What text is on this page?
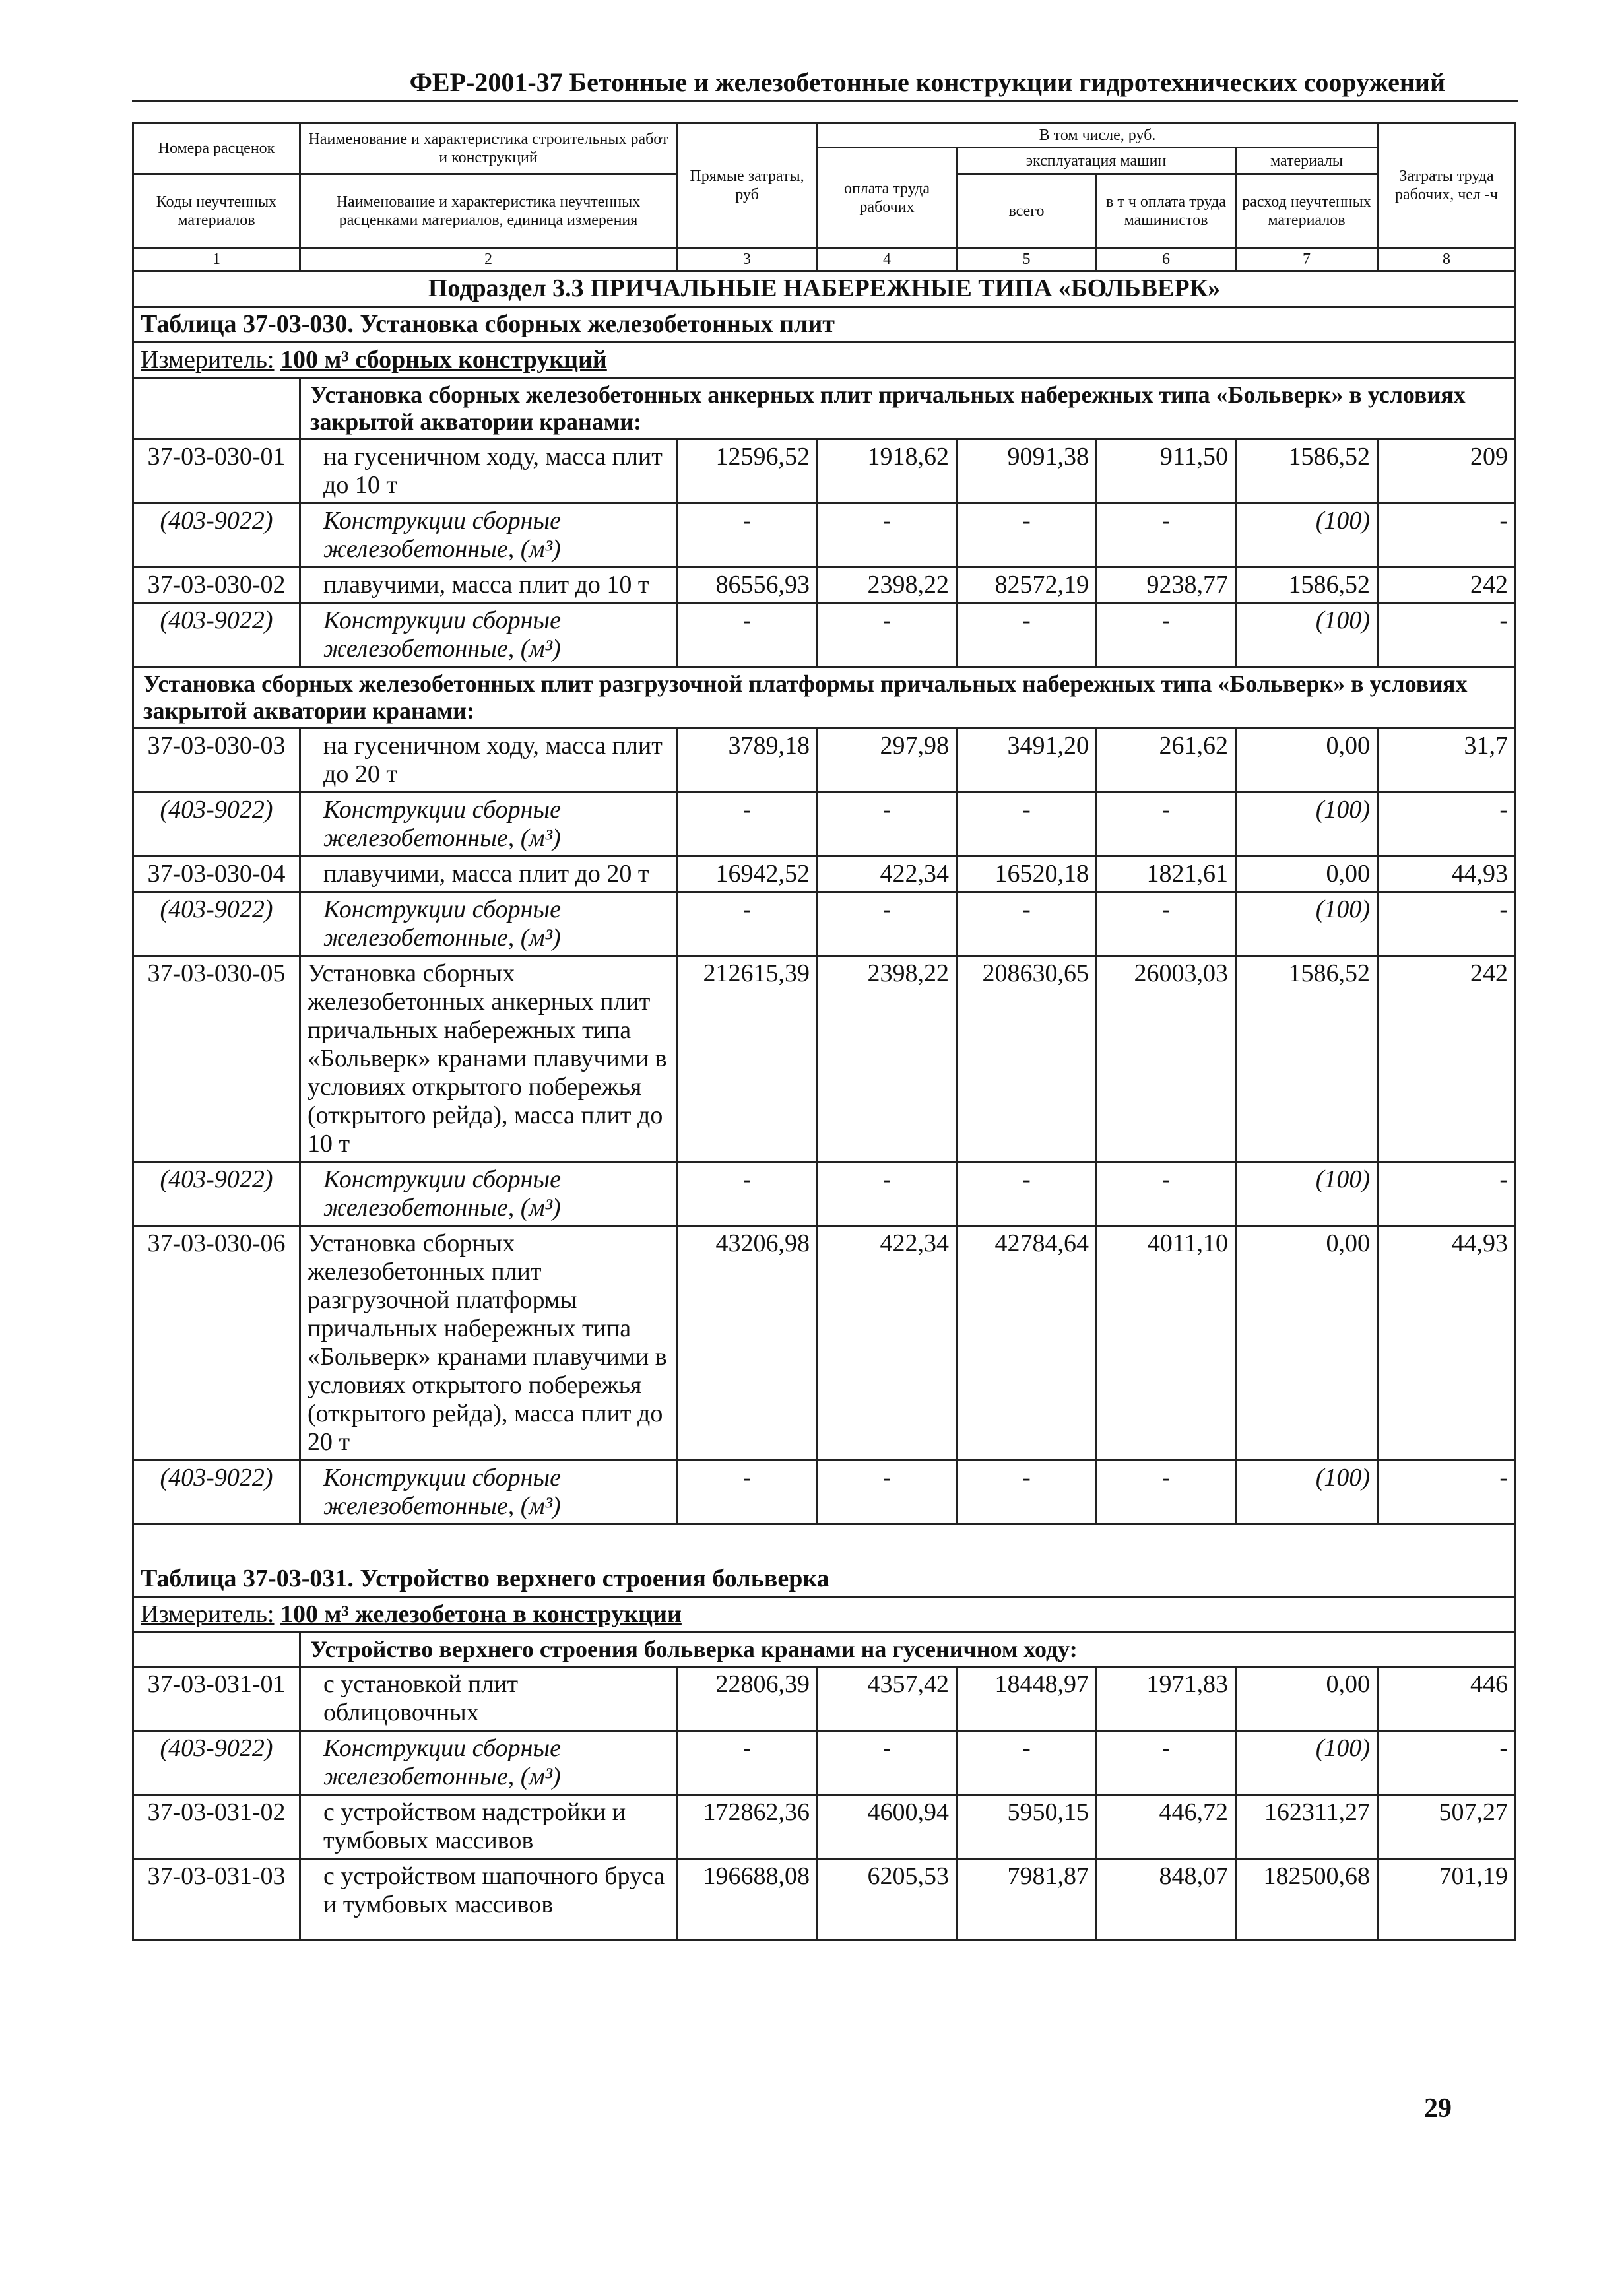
ФЕР-2001-37 Бетонные и железобетонные конструкции гидротехнических сооружений
Номера расценок	Наименование и характеристика строительных работ и конструкций	Прямые затраты, руб	В том числе, руб.				Затраты труда рабочих, чел -ч
			оплата труда рабочих	эксплуатация машин		материалы	
Коды неучтенных материалов	Наименование и характеристика неучтенных расценками материалов, единица измерения			всего	в т ч оплата труда машинистов	расход неучтенных материалов	

1	2	3	4	5	6	7	8
Подраздел 3.3 ПРИЧАЛЬНЫЕ НАБЕРЕЖНЫЕ ТИПА «БОЛЬВЕРК»							
Таблица 37-03-030. Установка сборных железобетонных плит							
Измеритель: 100 м³ сборных конструкций							
	Установка сборных железобетонных анкерных плит причальных набережных типа «Больверк» в условиях закрытой акватории кранами:						
37-03-030-01	на гусеничном ходу, масса плит до 10 т	12596,52	1918,62	9091,38	911,50	1586,52	209
(403-9022)	Конструкции сборные железобетонные, (м³)	-	-	-	-	(100)	-
37-03-030-02	плавучими, масса плит до 10 т	86556,93	2398,22	82572,19	9238,77	1586,52	242
(403-9022)	Конструкции сборные железобетонные, (м³)	-	-	-	-	(100)	-
Установка сборных железобетонных плит разгрузочной платформы причальных набережных типа «Больверк» в условиях закрытой акватории кранами:							
37-03-030-03	на гусеничном ходу, масса плит до 20 т	3789,18	297,98	3491,20	261,62	0,00	31,7
(403-9022)	Конструкции сборные железобетонные, (м³)	-	-	-	-	(100)	-
37-03-030-04	плавучими, масса плит до 20 т	16942,52	422,34	16520,18	1821,61	0,00	44,93
(403-9022)	Конструкции сборные железобетонные, (м³)	-	-	-	-	(100)	-
37-03-030-05	Установка сборных железобетонных анкерных плит причальных набережных типа «Больверк» кранами плавучими в условиях открытого побережья (открытого рейда), масса плит до 10 т	212615,39	2398,22	208630,65	26003,03	1586,52	242
(403-9022)	Конструкции сборные железобетонные, (м³)	-	-	-	-	(100)	-
37-03-030-06	Установка сборных железобетонных плит разгрузочной платформы причальных набережных типа «Больверк» кранами плавучими в условиях открытого побережья (открытого рейда), масса плит до 20 т	43206,98	422,34	42784,64	4011,10	0,00	44,93
(403-9022)	Конструкции сборные железобетонные, (м³)	-	-	-	-	(100)	-
Таблица 37-03-031. Устройство верхнего строения больверка							
Измеритель: 100 м³ железобетона в конструкции							
	Устройство верхнего строения больверка кранами на гусеничном ходу:						
37-03-031-01	с установкой плит облицовочных	22806,39	4357,42	18448,97	1971,83	0,00	446
(403-9022)	Конструкции сборные железобетонные, (м³)	-	-	-	-	(100)	-
37-03-031-02	с устройством надстройки и тумбовых массивов	172862,36	4600,94	5950,15	446,72	162311,27	507,27
37-03-031-03	с устройством шапочного бруса и тумбовых массивов	196688,08	6205,53	7981,87	848,07	182500,68	701,19
29
